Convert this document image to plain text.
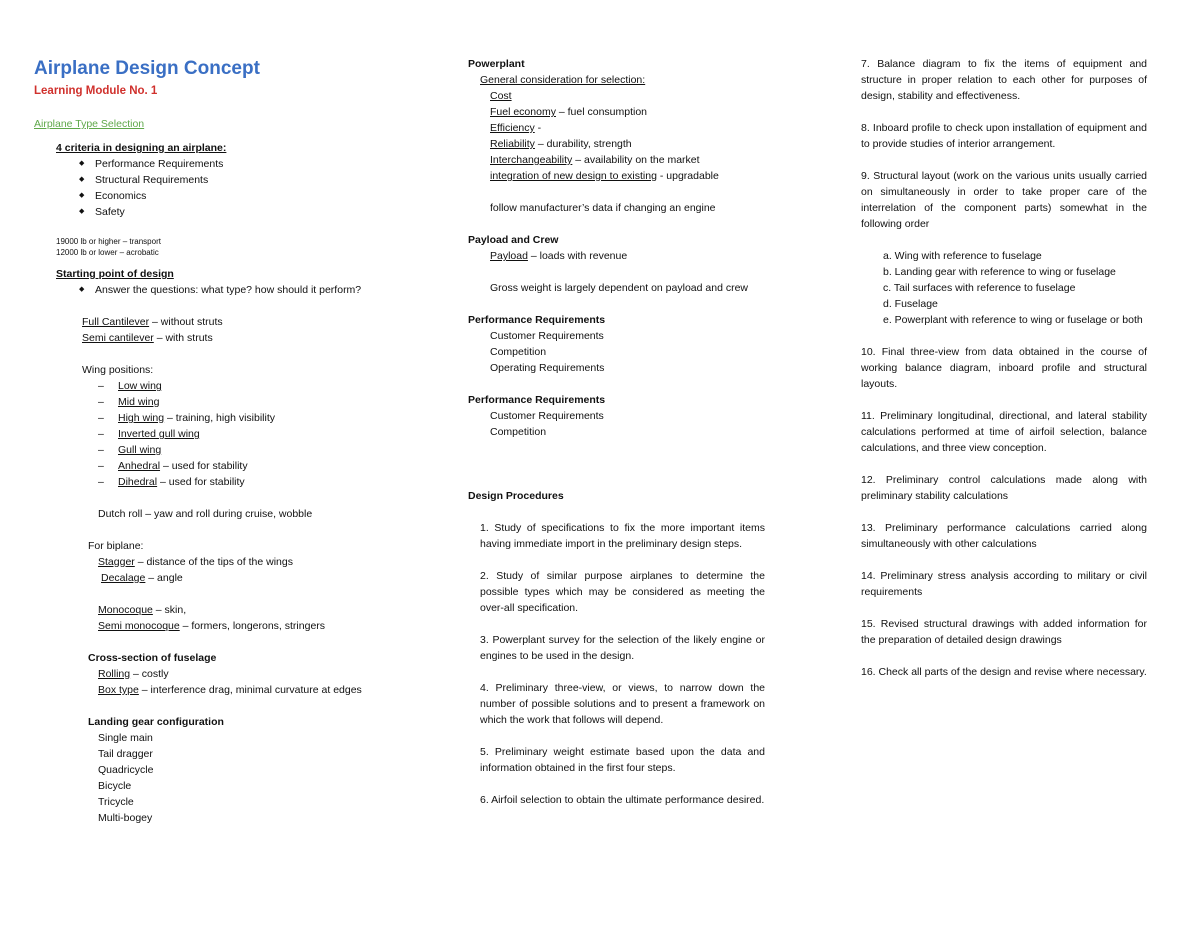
Airplane Design Concept

Learning Module No. 1

Airplane Type Selection

4 criteria in designing an airplane:

◆	Performance Requirements
◆	Structural Requirements
◆	Economics
◆	Safety

19000 lb or higher – transport

12000 lb or lower – acrobatic

Starting point of design

◆	Answer the questions: what type? how should it perform?

Full Cantilever – without struts

Semi cantilever – with struts

Wing positions:

–	Low wing
–	Mid wing
–	High wing – training, high visibility
–	Inverted gull wing
–	Gull wing
–	Anhedral – used for stability
–	Dihedral – used for stability

Dutch roll – yaw and roll during cruise, wobble

For biplane:

Stagger – distance of the tips of the wings

Decalage – angle

Monocoque – skin,

Semi monocoque – formers, longerons, stringers

Cross-section of fuselage

Rolling – costly

Box type – interference drag, minimal curvature at edges

Landing gear configuration

Single main

Tail dragger

Quadricycle

Bicycle

Tricycle

Multi-bogey

Powerplant

General consideration for selection:

Cost

Fuel economy – fuel consumption

Efficiency -

Reliability – durability, strength

Interchangeability – availability on the market

integration of new design to existing - upgradable

follow manufacturer’s data if changing an engine

Payload and Crew

Payload – loads with revenue

Gross weight is largely dependent on payload and crew

Performance Requirements

Customer Requirements

Competition

Operating Requirements

Performance Requirements

Customer Requirements

Competition

Design Procedures

1. Study of specifications to fix the more important items having immediate import in the preliminary design steps.

2. Study of similar purpose airplanes to determine the possible types which may be considered as meeting the over-all specification.

3. Powerplant survey for the selection of the likely engine or engines to be used in the design.

4. Preliminary three-view, or views, to narrow down the number of possible solutions and to present a framework on which the work that follows will depend.

5. Preliminary weight estimate based upon the data and information obtained in the first four steps.

6. Airfoil selection to obtain the ultimate performance desired.

7. Balance diagram to fix the items of equipment and structure in proper relation to each other for purposes of design, stability and effectiveness.

8. Inboard profile to check upon installation of equipment and to provide studies of interior arrangement.

9. Structural layout (work on the various units usually carried on simultaneously in order to take proper care of the interrelation of the component parts) somewhat in the following order

a. Wing with reference to fuselage

b. Landing gear with reference to wing or fuselage

c. Tail surfaces with reference to fuselage

d. Fuselage

e. Powerplant with reference to wing or fuselage or both

10. Final three-view from data obtained in the course of working balance diagram, inboard profile and structural layouts.

11. Preliminary longitudinal, directional, and lateral stability calculations performed at time of airfoil selection, balance calculations, and three view conception.

12. Preliminary control calculations made along with preliminary stability calculations

13. Preliminary performance calculations carried along simultaneously with other calculations

14. Preliminary stress analysis according to military or civil requirements

15. Revised structural drawings with added information for the preparation of detailed design drawings

16. Check all parts of the design and revise where necessary.
